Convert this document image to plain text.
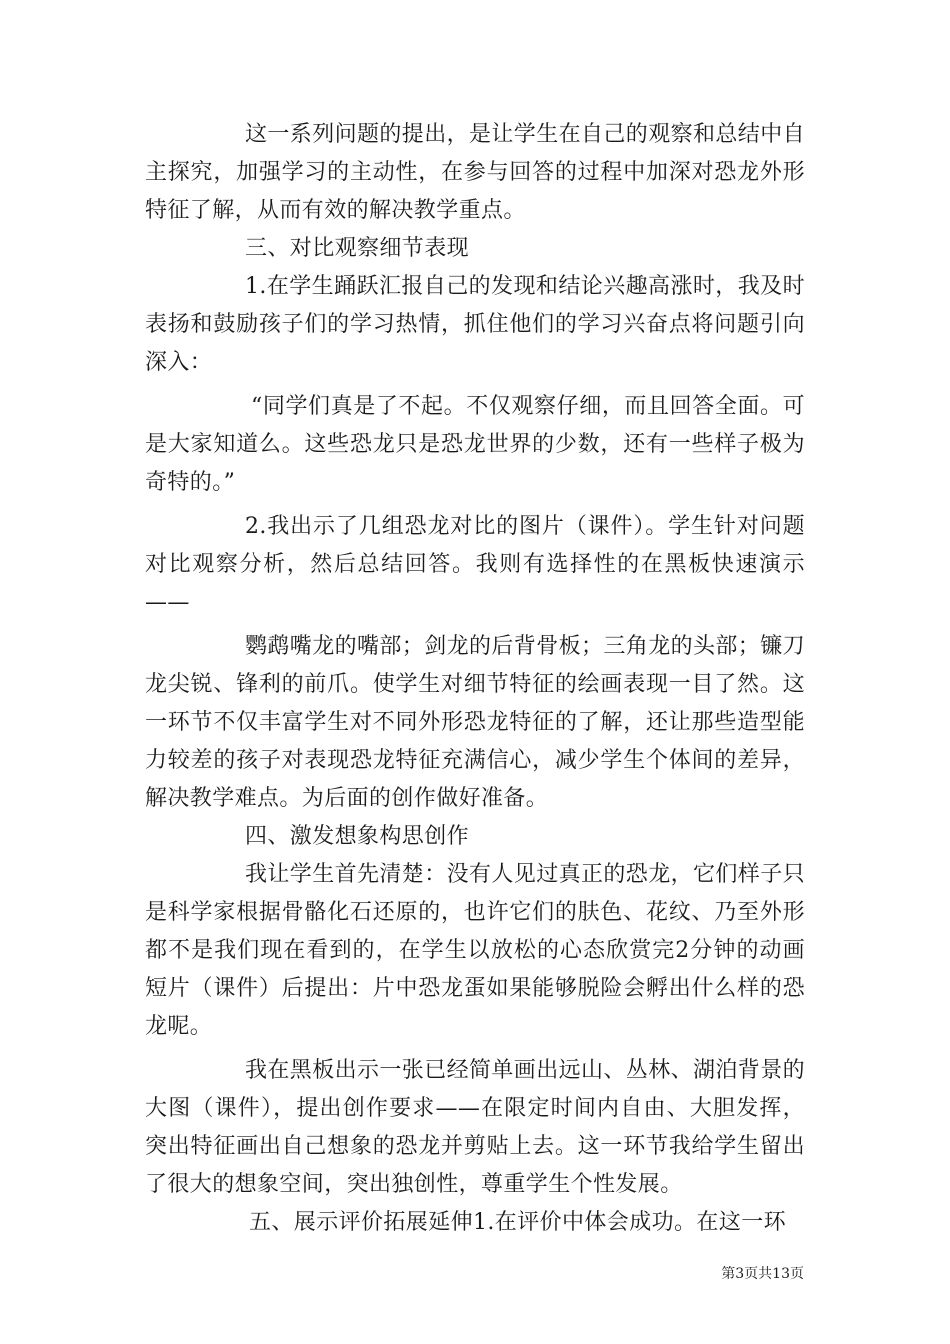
这一系列问题的提出，是让学生在自己的观察和总结中自主探究，加强学习的主动性，在参与回答的过程中加深对恐龙外形特征了解，从而有效的解决教学重点。

三、对比观察细节表现

1.在学生踊跃汇报自己的发现和结论兴趣高涨时，我及时表扬和鼓励孩子们的学习热情，抓住他们的学习兴奋点将问题引向深入：

“同学们真是了不起。不仅观察仔细，而且回答全面。可是大家知道么。这些恐龙只是恐龙世界的少数，还有一些样子极为奇特的。”

2.我出示了几组恐龙对比的图片（课件）。学生针对问题对比观察分析，然后总结回答。我则有选择性的在黑板快速演示——

鹦鹉嘴龙的嘴部；剑龙的后背骨板；三角龙的头部；镰刀龙尖锐、锋利的前爪。使学生对细节特征的绘画表现一目了然。这一环节不仅丰富学生对不同外形恐龙特征的了解，还让那些造型能力较差的孩子对表现恐龙特征充满信心，减少学生个体间的差异，解决教学难点。为后面的创作做好准备。

四、激发想象构思创作

我让学生首先清楚：没有人见过真正的恐龙，它们样子只是科学家根据骨骼化石还原的，也许它们的肤色、花纹、乃至外形都不是我们现在看到的，在学生以放松的心态欣赏完2分钟的动画短片（课件）后提出：片中恐龙蛋如果能够脱险会孵出什么样的恐龙呢。

我在黑板出示一张已经简单画出远山、丛林、湖泊背景的大图（课件），提出创作要求——在限定时间内自由、大胆发挥，突出特征画出自己想象的恐龙并剪贴上去。这一环节我给学生留出了很大的想象空间，突出独创性，尊重学生个性发展。

五、展示评价拓展延伸1.在评价中体会成功。在这一环

第3页共13页
